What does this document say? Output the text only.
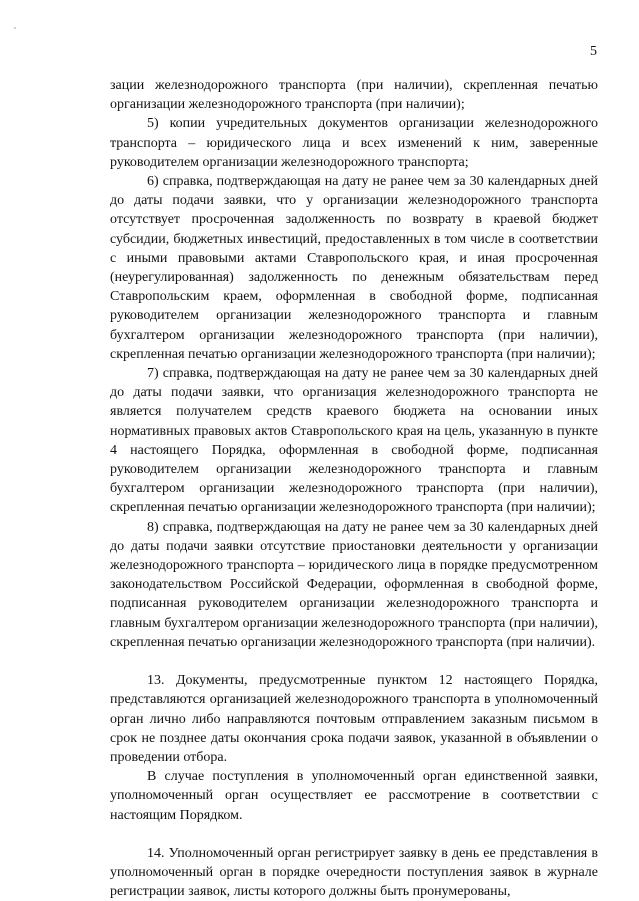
5

зации железнодорожного транспорта (при наличии), скрепленная печатью организации железнодорожного транспорта (при наличии);

5) копии учредительных документов организации железнодорожного транспорта – юридического лица и всех изменений к ним, заверенные руководителем организации железнодорожного транспорта;

6) справка, подтверждающая на дату не ранее чем за 30 календарных дней до даты подачи заявки, что у организации железнодорожного транспорта отсутствует просроченная задолженность по возврату в краевой бюджет субсидии, бюджетных инвестиций, предоставленных в том числе в соответствии с иными правовыми актами Ставропольского края, и иная просроченная (неурегулированная) задолженность по денежным обязательствам перед Ставропольским краем, оформленная в свободной форме, подписанная руководителем организации железнодорожного транспорта и главным бухгалтером организации железнодорожного транспорта (при наличии), скрепленная печатью организации железнодорожного транспорта (при наличии);

7) справка, подтверждающая на дату не ранее чем за 30 календарных дней до даты подачи заявки, что организация железнодорожного транспорта не является получателем средств краевого бюджета на основании иных нормативных правовых актов Ставропольского края на цель, указанную в пункте 4 настоящего Порядка, оформленная в свободной форме, подписанная руководителем организации железнодорожного транспорта и главным бухгалтером организации железнодорожного транспорта (при наличии), скрепленная печатью организации железнодорожного транспорта (при наличии);

8) справка, подтверждающая на дату не ранее чем за 30 календарных дней до даты подачи заявки отсутствие приостановки деятельности у организации железнодорожного транспорта – юридического лица в порядке предусмотренном законодательством Российской Федерации, оформленная в свободной форме, подписанная руководителем организации железнодорожного транспорта и главным бухгалтером организации железнодорожного транспорта (при наличии), скрепленная печатью организации железнодорожного транспорта (при наличии).

13. Документы, предусмотренные пунктом 12 настоящего Порядка, представляются организацией железнодорожного транспорта в уполномоченный орган лично либо направляются почтовым отправлением заказным письмом в срок не позднее даты окончания срока подачи заявок, указанной в объявлении о проведении отбора.

В случае поступления в уполномоченный орган единственной заявки, уполномоченный орган осуществляет ее рассмотрение в соответствии с настоящим Порядком.

14. Уполномоченный орган регистрирует заявку в день ее представления в уполномоченный орган в порядке очередности поступления заявок в журнале регистрации заявок, листы которого должны быть пронумерованы,
